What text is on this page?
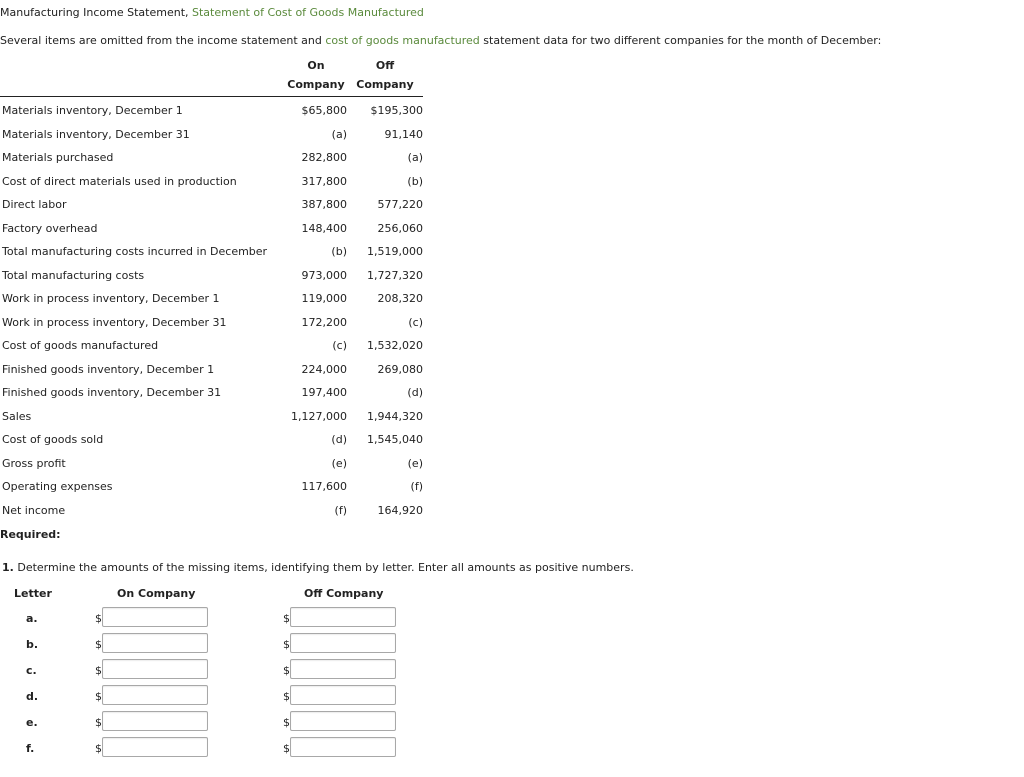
Manufacturing Income Statement, Statement of Cost of Goods Manufactured
Several items are omitted from the income statement and cost of goods manufactured statement data for two different companies for the month of December:
	On	Off
	Company	Company
Materials inventory, December 1	$65,800	$195,300
Materials inventory, December 31	(a)	91,140
Materials purchased	282,800	(a)
Cost of direct materials used in production	317,800	(b)
Direct labor	387,800	577,220
Factory overhead	148,400	256,060
Total manufacturing costs incurred in December	(b)	1,519,000
Total manufacturing costs	973,000	1,727,320
Work in process inventory, December 1	119,000	208,320
Work in process inventory, December 31	172,200	(c)
Cost of goods manufactured	(c)	1,532,020
Finished goods inventory, December 1	224,000	269,080
Finished goods inventory, December 31	197,400	(d)
Sales	1,127,000	1,944,320
Cost of goods sold	(d)	1,545,040
Gross profit	(e)	(e)
Operating expenses	117,600	(f)
Net income	(f)	164,920
Required:
1. Determine the amounts of the missing items, identifying them by letter. Enter all amounts as positive numbers.
Letter	On Company	Off Company
a.	$	$
b.	$	$
c.	$	$
d.	$	$
e.	$	$
f.	$	$
